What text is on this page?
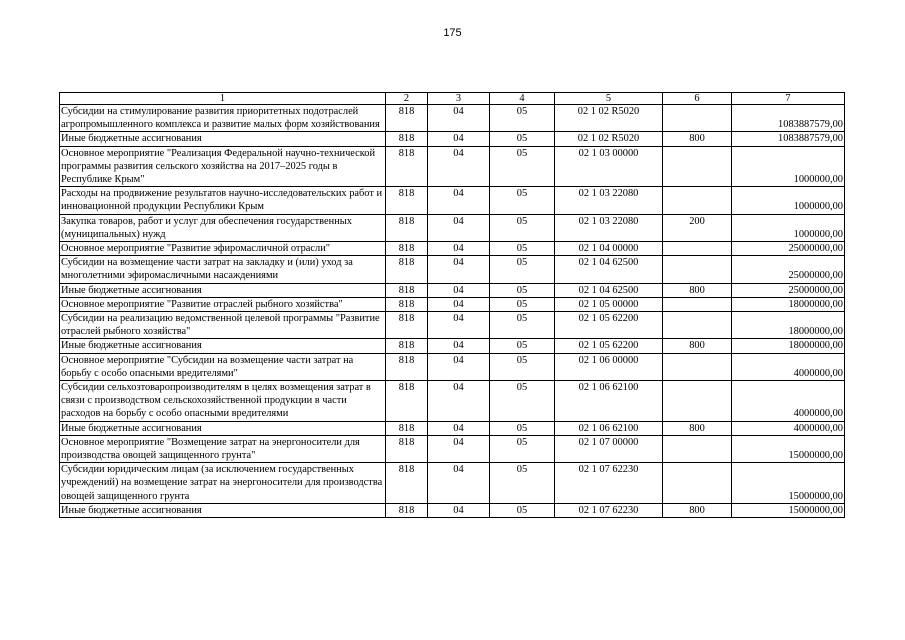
175
1	2	3	4	5	6	7
Субсидии на стимулирование развития приоритетных подотраслей агропромышленного комплекса и развитие малых форм хозяйствования	818	04	05	02 1 02 R5020		1083887579,00
Иные бюджетные ассигнования	818	04	05	02 1 02 R5020	800	1083887579,00
Основное мероприятие "Реализация Федеральной научно-технической программы развития сельского хозяйства на 2017–2025 годы в Республике Крым"	818	04	05	02 1 03 00000		1000000,00
Расходы на продвижение результатов научно-исследовательских работ и инновационной продукции Республики Крым	818	04	05	02 1 03 22080		1000000,00
Закупка товаров, работ и услуг для обеспечения государственных (муниципальных) нужд	818	04	05	02 1 03 22080	200	1000000,00
Основное мероприятие "Развитие эфиромасличной отрасли"	818	04	05	02 1 04 00000		25000000,00
Субсидии на возмещение части затрат на закладку и (или) уход за многолетними эфиромасличными насаждениями	818	04	05	02 1 04 62500		25000000,00
Иные бюджетные ассигнования	818	04	05	02 1 04 62500	800	25000000,00
Основное мероприятие "Развитие отраслей рыбного хозяйства"	818	04	05	02 1 05 00000		18000000,00
Субсидии на реализацию ведомственной целевой программы "Развитие отраслей рыбного хозяйства"	818	04	05	02 1 05 62200		18000000,00
Иные бюджетные ассигнования	818	04	05	02 1 05 62200	800	18000000,00
Основное мероприятие "Субсидии на возмещение части затрат на борьбу с особо опасными вредителями"	818	04	05	02 1 06 00000		4000000,00
Субсидии сельхозтоваропроизводителям в целях возмещения затрат в связи с производством сельскохозяйственной продукции в части расходов на борьбу с особо опасными вредителями	818	04	05	02 1 06 62100		4000000,00
Иные бюджетные ассигнования	818	04	05	02 1 06 62100	800	4000000,00
Основное мероприятие "Возмещение затрат на энергоносители для производства овощей защищенного грунта"	818	04	05	02 1 07 00000		15000000,00
Субсидии юридическим лицам (за исключением государственных учреждений) на возмещение затрат на энергоносители для производства овощей защищенного грунта	818	04	05	02 1 07 62230		15000000,00
Иные бюджетные ассигнования	818	04	05	02 1 07 62230	800	15000000,00
